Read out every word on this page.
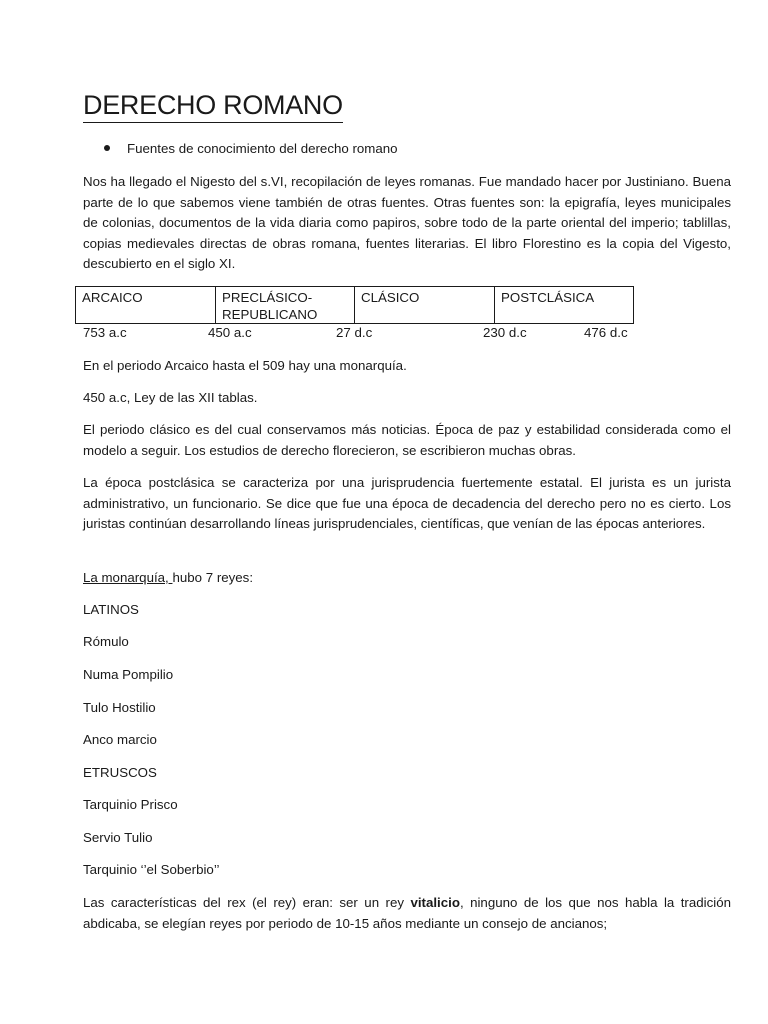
DERECHO ROMANO
Fuentes de conocimiento del derecho romano

Nos ha llegado el Nigesto del s.VI, recopilación de leyes romanas. Fue mandado hacer por Justiniano. Buena parte de lo que sabemos viene también de otras fuentes. Otras fuentes son: la epigrafía, leyes municipales de colonias, documentos de la vida diaria como papiros, sobre todo de la parte oriental del imperio; tablillas, copias medievales directas de obras romana, fuentes literarias. El libro Florestino es la copia del Vigesto, descubierto en el siglo XI.

ARCAICO	PRECLÁSICO-REPUBLICANO	CLÁSICO	POSTCLÁSICA
753 a.c	450 a.c	27 d.c	230 d.c	476 d.c
En el periodo Arcaico hasta el 509 hay una monarquía.
450 a.c, Ley de las XII tablas.

El periodo clásico es del cual conservamos más noticias. Época de paz y estabilidad considerada como el modelo a seguir. Los estudios de derecho florecieron, se escribieron muchas obras.

La época postclásica se caracteriza por una jurisprudencia fuertemente estatal. El jurista es un jurista administrativo, un funcionario. Se dice que fue una época de decadencia del derecho pero no es cierto. Los juristas continúan desarrollando líneas jurisprudenciales, científicas, que venían de las épocas anteriores.

La monarquía, hubo 7 reyes:
LATINOS
Rómulo
Numa Pompilio
Tulo Hostilio
Anco marcio
ETRUSCOS
Tarquinio Prisco
Servio Tulio
Tarquinio ‘’el Soberbio’’

Las características del rex (el rey) eran: ser un rey vitalicio, ninguno de los que nos habla la tradición abdicaba, se elegían reyes por periodo de 10-15 años mediante un consejo de ancianos;
